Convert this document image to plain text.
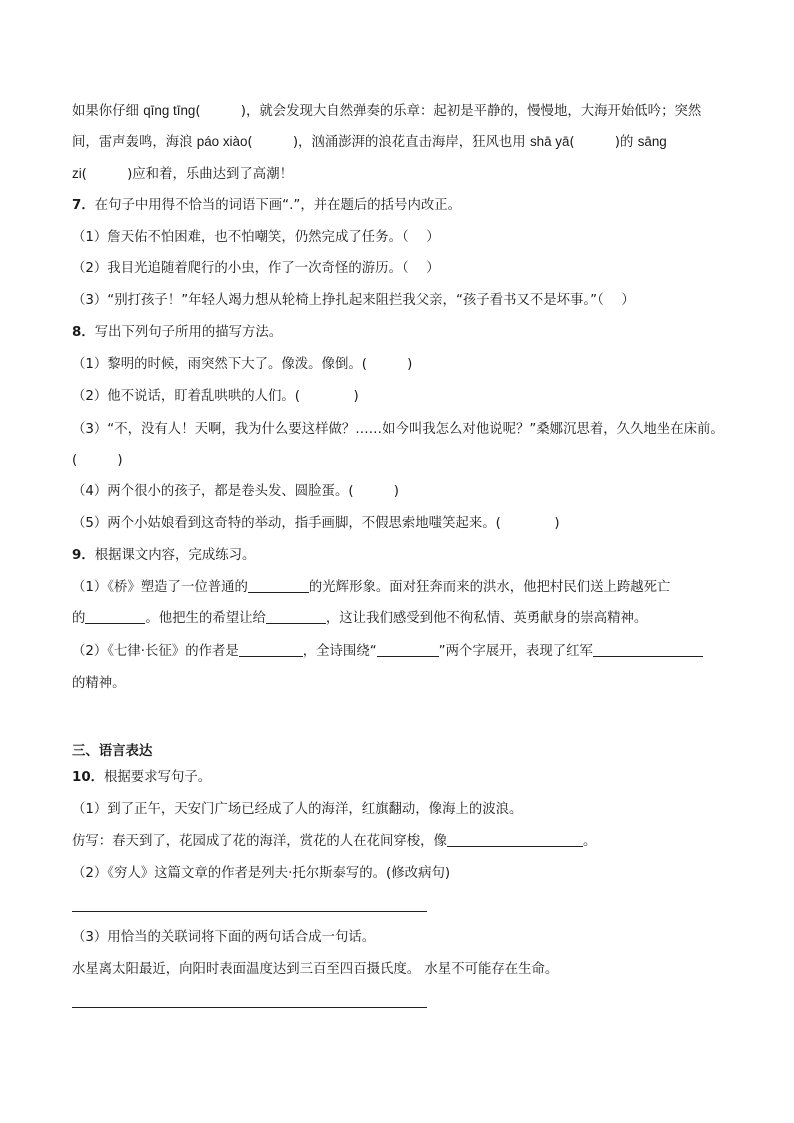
如果你仔细 qīng tīng(　　　)，就会发现大自然弹奏的乐章：起初是平静的，慢慢地，大海开始低吟；突然
间，雷声轰鸣，海浪 páo xiào(　　　)，汹涌澎湃的浪花直击海岸，狂风也用 shā yā(　　　)的 sāng
zi(　　　)应和着，乐曲达到了高潮！
7．在句子中用得不恰当的词语下画“.”，并在题后的括号内改正。
（1）詹天佑不怕困难，也不怕嘲笑，仍然完成了任务。（　 ）
（2）我目光追随着爬行的小虫，作了一次奇怪的游历。（　 ）
（3）“别打孩子！”年轻人竭力想从轮椅上挣扎起来阻拦我父亲，“孩子看书又不是坏事。”（　 ）
8．写出下列句子所用的描写方法。
（1）黎明的时候，雨突然下大了。像泼。像倒。(　　　)
（2）他不说话，盯着乱哄哄的人们。(　　　　)
（3）“不，没有人！天啊，我为什么要这样做？……如今叫我怎么对他说呢？”桑娜沉思着，久久地坐在床前。
(　　　)
（4）两个很小的孩子，都是卷头发、圆脸蛋。(　　　)
（5）两个小姑娘看到这奇特的举动，指手画脚，不假思索地嗤笑起来。(　　　　)
9．根据课文内容，完成练习。
（1）《桥》塑造了一位普通的	的光辉形象。面对狂奔而来的洪水，他把村民们送上跨越死亡
的	。他把生的希望让给	，这让我们感受到他不徇私情、英勇献身的崇高精神。
（2）《七律·长征》的作者是	，全诗围绕“	”两个字展开，表现了红军
的精神。
三、语言表达
10．根据要求写句子。
（1）到了正午，天安门广场已经成了人的海洋，红旗翻动，像海上的波浪。
仿写：春天到了，花园成了花的海洋，赏花的人在花间穿梭，像	。
（2）《穷人》这篇文章的作者是列夫·托尔斯泰写的。(修改病句)
（3）用恰当的关联词将下面的两句话合成一句话。
水星离太阳最近，向阳时表面温度达到三百至四百摄氏度。 水星不可能存在生命。
